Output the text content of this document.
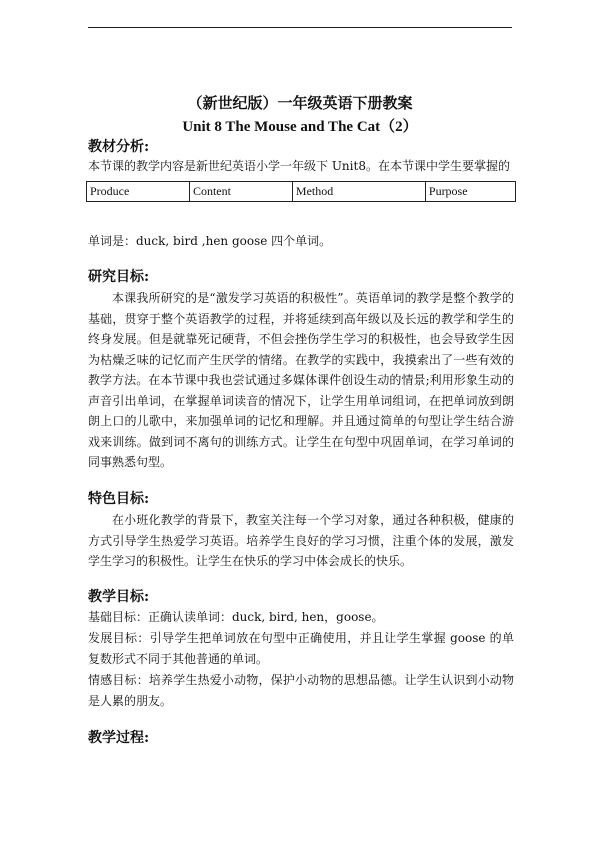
（新世纪版）一年级英语下册教案
Unit 8 The Mouse and The Cat（2）
教材分析:
本节课的教学内容是新世纪英语小学一年级下 Unit8。在本节课中学生要掌握的
Produce	Content	Method	Purpose
单词是：duck, bird ,hen goose 四个单词。
研究目标:
本课我所研究的是“激发学习英语的积极性”。英语单词的教学是整个教学的基础，贯穿于整个英语教学的过程，并将延续到高年级以及长远的教学和学生的终身发展。但是就靠死记硬背，不但会挫伤学生学习的积极性，也会导致学生因为枯燥乏味的记忆而产生厌学的情绪。在教学的实践中，我摸索出了一些有效的教学方法。在本节课中我也尝试通过多媒体课件创设生动的情景;利用形象生动的声音引出单词，在掌握单词读音的情况下，让学生用单词组词，在把单词放到朗朗上口的儿歌中，来加强单词的记忆和理解。并且通过简单的句型让学生结合游戏来训练。做到词不离句的训练方式。让学生在句型中巩固单词，在学习单词的同事熟悉句型。
特色目标:
在小班化教学的背景下，教室关注每一个学习对象，通过各种积极，健康的方式引导学生热爱学习英语。培养学生良好的学习习惯，注重个体的发展，激发学生学习的积极性。让学生在快乐的学习中体会成长的快乐。
教学目标:
基础目标：正确认读单词：duck, bird, hen，goose。
发展目标：引导学生把单词放在句型中正确使用，并且让学生掌握 goose 的单复数形式不同于其他普通的单词。
情感目标：培养学生热爱小动物，保护小动物的思想品德。让学生认识到小动物是人累的朋友。
教学过程:
